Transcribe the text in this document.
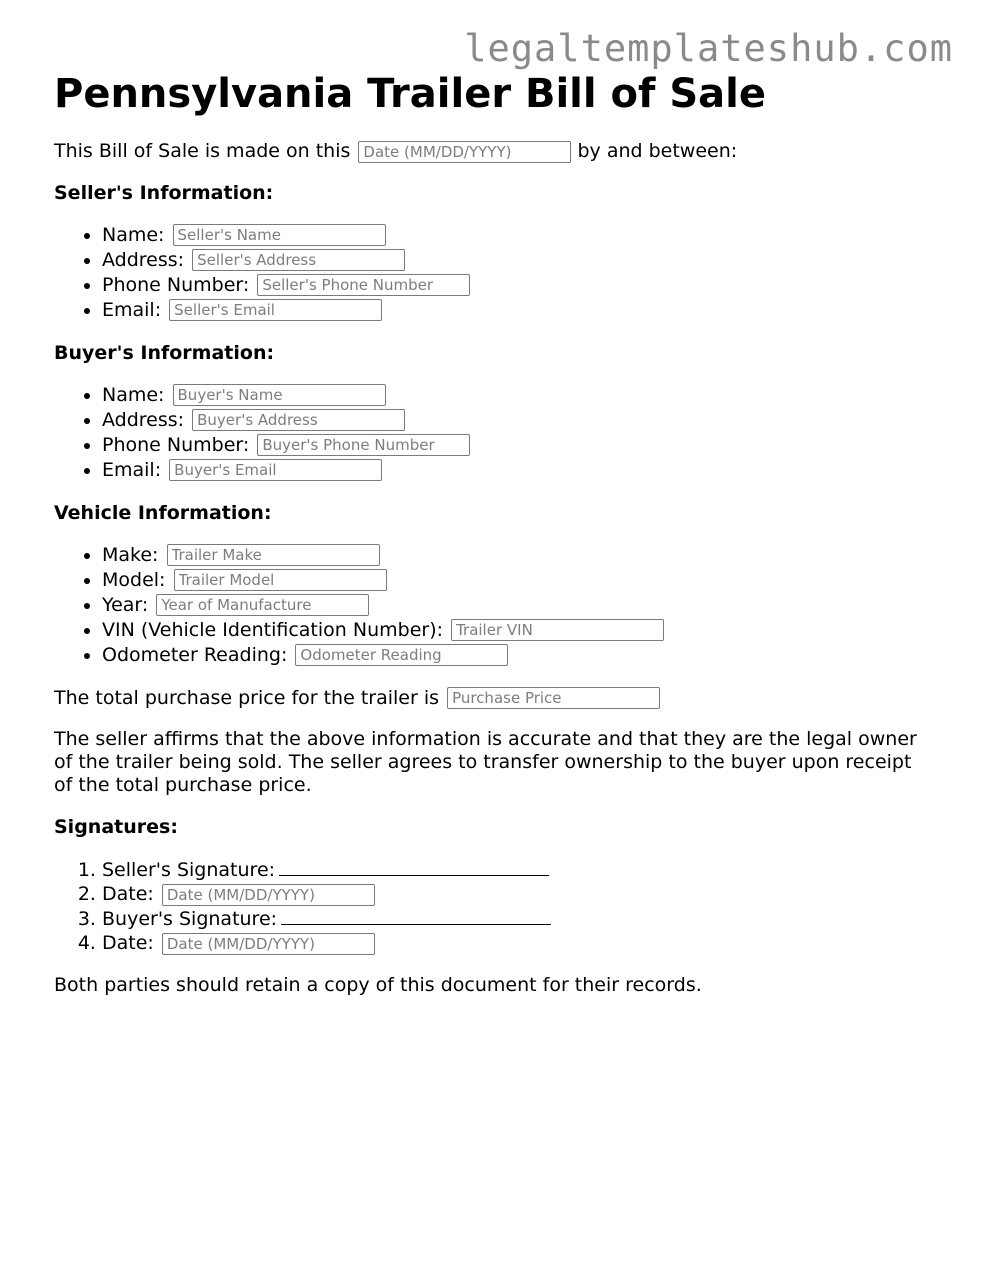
legaltemplateshub.com
Pennsylvania Trailer Bill of Sale

This Bill of Sale is made on this Date (MM/DD/YYYY)	by and between:

Seller's Information:

• Name: Seller's Name
• Address: Seller's Address
• Phone Number: Seller's Phone Number
• Email: Seller's Email

Buyer's Information:

• Name: Buyer's Name
• Address: Buyer's Address
• Phone Number: Buyer's Phone Number
• Email: Buyer's Email

Vehicle Information:

• Make: Trailer Make
• Model: Trailer Model
• Year: Year of Manufacture
• VIN (Vehicle Identification Number): Trailer VIN
• Odometer Reading: Odometer Reading

The total purchase price for the trailer is Purchase Price

The seller affirms that the above information is accurate and that they are the legal owner of the trailer being sold. The seller agrees to transfer ownership to the buyer upon receipt of the total purchase price.

Signatures:

1. Seller's Signature:
2. Date: Date (MM/DD/YYYY)
3. Buyer's Signature:
4. Date: Date (MM/DD/YYYY)

Both parties should retain a copy of this document for their records.
